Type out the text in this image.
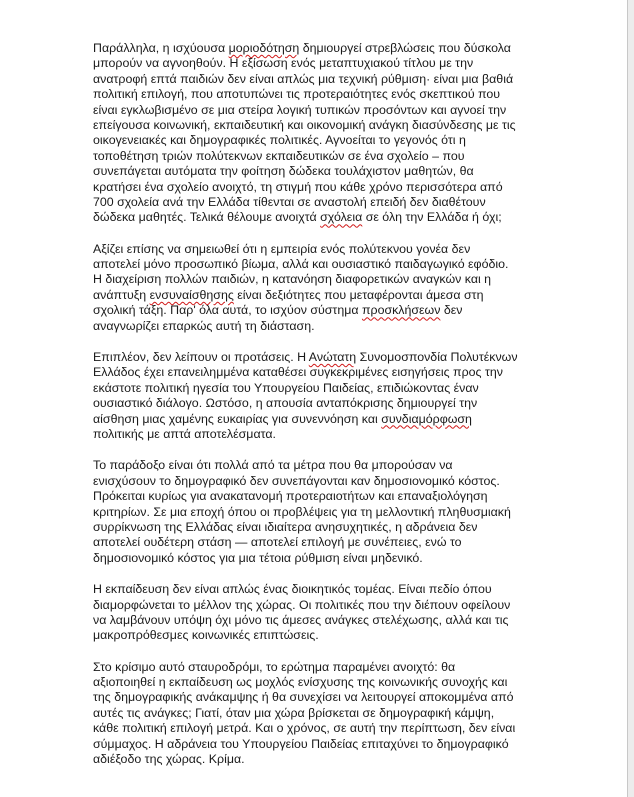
Παράλληλα, η ισχύουσα μοριοδότηση δημιουργεί στρεβλώσεις που δύσκολα
μπορούν να αγνοηθούν. Η εξίσωση ενός μεταπτυχιακού τίτλου με την
ανατροφή επτά παιδιών δεν είναι απλώς μια τεχνική ρύθμιση· είναι μια βαθιά
πολιτική επιλογή, που αποτυπώνει τις προτεραιότητες ενός σκεπτικού που
είναι εγκλωβισμένο σε μια στείρα λογική τυπικών προσόντων και αγνοεί την
επείγουσα κοινωνική, εκπαιδευτική και οικονομική ανάγκη διασύνδεσης με τις
οικογενειακές και δημογραφικές πολιτικές. Αγνοείται το γεγονός ότι η
τοποθέτηση τριών πολύτεκνων εκπαιδευτικών σε ένα σχολείο – που
συνεπάγεται αυτόματα την φοίτηση δώδεκα τουλάχιστον μαθητών, θα
κρατήσει ένα σχολείο ανοιχτό, τη στιγμή που κάθε χρόνο περισσότερα από
700 σχολεία ανά την Ελλάδα τίθενται σε αναστολή επειδή δεν διαθέτουν
δώδεκα μαθητές. Τελικά θέλουμε ανοιχτά σχόλεια σε όλη την Ελλάδα ή όχι;
Αξίζει επίσης να σημειωθεί ότι η εμπειρία ενός πολύτεκνου γονέα δεν
αποτελεί μόνο προσωπικό βίωμα, αλλά και ουσιαστικό παιδαγωγικό εφόδιο.
Η διαχείριση πολλών παιδιών, η κατανόηση διαφορετικών αναγκών και η
ανάπτυξη ενσυναίσθησης είναι δεξιότητες που μεταφέρονται άμεσα στη
σχολική τάξη. Παρ' όλα αυτά, το ισχύον σύστημα προσκλήσεων δεν
αναγνωρίζει επαρκώς αυτή τη διάσταση.
Επιπλέον, δεν λείπουν οι προτάσεις. Η Ανώτατη Συνομοσπονδία Πολυτέκνων
Ελλάδος έχει επανειλημμένα καταθέσει συγκεκριμένες εισηγήσεις προς την
εκάστοτε πολιτική ηγεσία του Υπουργείου Παιδείας, επιδιώκοντας έναν
ουσιαστικό διάλογο. Ωστόσο, η απουσία ανταπόκρισης δημιουργεί την
αίσθηση μιας χαμένης ευκαιρίας για συνεννόηση και συνδιαμόρφωση
πολιτικής με απτά αποτελέσματα.
Το παράδοξο είναι ότι πολλά από τα μέτρα που θα μπορούσαν να
ενισχύσουν το δημογραφικό δεν συνεπάγονται καν δημοσιονομικό κόστος.
Πρόκειται κυρίως για ανακατανομή προτεραιοτήτων και επαναξιολόγηση
κριτηρίων. Σε μια εποχή όπου οι προβλέψεις για τη μελλοντική πληθυσμιακή
συρρίκνωση της Ελλάδας είναι ιδιαίτερα ανησυχητικές, η αδράνεια δεν
αποτελεί ουδέτερη στάση — αποτελεί επιλογή με συνέπειες, ενώ το
δημοσιονομικό κόστος για μια τέτοια ρύθμιση είναι μηδενικό.
Η εκπαίδευση δεν είναι απλώς ένας διοικητικός τομέας. Είναι πεδίο όπου
διαμορφώνεται το μέλλον της χώρας. Οι πολιτικές που την διέπουν οφείλουν
να λαμβάνουν υπόψη όχι μόνο τις άμεσες ανάγκες στελέχωσης, αλλά και τις
μακροπρόθεσμες κοινωνικές επιπτώσεις.
Στο κρίσιμο αυτό σταυροδρόμι, το ερώτημα παραμένει ανοιχτό: θα
αξιοποιηθεί η εκπαίδευση ως μοχλός ενίσχυσης της κοινωνικής συνοχής και
της δημογραφικής ανάκαμψης ή θα συνεχίσει να λειτουργεί αποκομμένα από
αυτές τις ανάγκες; Γιατί, όταν μια χώρα βρίσκεται σε δημογραφική κάμψη,
κάθε πολιτική επιλογή μετρά. Και ο χρόνος, σε αυτή την περίπτωση, δεν είναι
σύμμαχος. Η αδράνεια του Υπουργείου Παιδείας επιταχύνει το δημογραφικό
αδιέξοδο της χώρας. Κρίμα.
